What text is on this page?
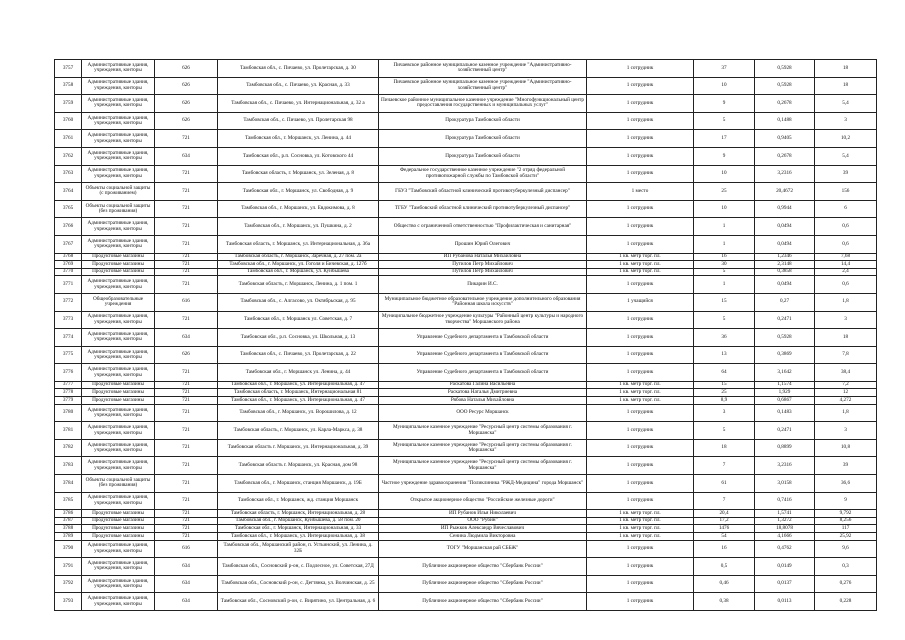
3757	Административные здания, учреждения, конторы	626	Тамбовская обл., с. Пичаево, ул. Пролетарская, д. 30	Пичаевское районное муниципальное казенное учреждение "Административно-хозяйственный центр"	1 сотрудник	37	0,5928	18
3758	Административные здания, учреждения, конторы	626	Тамбовская обл., с. Пичаево, ул. Красная, д. 33	Пичаевское районное муниципальное казенное учреждение "Административно-хозяйственный центр"	1 сотрудник	10	0,5928	18
3759	Административные здания, учреждения, конторы	626	Тамбовская обл., с. Пичаево, ул. Интернациональная, д. 32 а	Пичаевское районное муниципальное казенное учреждение "Многофункциональный центр предоставления государственных и муниципальных услуг"	1 сотрудник	9	0,2678	5,4
3760	Административные здания, учреждения, конторы	626	Тамбовская обл., с. Пичаево, ул. Пролетарская 98	Прокуратура Тамбовской области	1 сотрудник	5	0,1488	3
3761	Административные здания, учреждения, конторы	721	Тамбовская обл., г. Моршанск, ул. Ленина, д. 44	Прокуратура Тамбовской области	1 сотрудник	17	0,9405	10,2
3762	Административные здания, учреждения, конторы	634	Тамбовская обл., р.п. Сосновка, ул. Котовского 44	Прокуратура Тамбовской области	1 сотрудник	9	0,2678	5,4
3763	Административные здания, учреждения, конторы	721	Тамбовская область, г. Моршанск, ул. Зеленая, д. 8	Федеральное государственное казенное учреждение "2 отряд федеральной противопожарной службы по Тамбовской области"	1 сотрудник	10	3,2316	39
3764	Объекты социальной защиты (с проживанием)	721	Тамбовская обл., г. Моршанск, ул. Свободная, д. 9	ГБУЗ "Тамбовский областной клинический противотуберкулезный диспансер"	1 место	25	20,4672	156
3765	Объекты социальной защиты (без проживания)	721	Тамбовская обл., г. Моршанск, ул. Евдокимова, д. 8	ТГБУ "Тамбовский областной клинический противотуберкулезный диспансер"	1 сотрудник	10	0,9944	6
3766	Административные здания, учреждения, конторы	721	Тамбовская обл., г. Моршанск, ул. Пушкина, д. 2	Общество с ограниченной ответственностью "Профилактическая и санитарная"	1 сотрудник	1	0,0494	0,6
3767	Административные здания, учреждения, конторы	721	Тамбовская область, г. Моршанск, ул. Интернациональная, д. 36а	Прошин Юрий Олегович	1 сотрудник	1	0,0494	0,6
3768	Продуктовые магазины	721	Тамбовская область, г. Моршанск, Заречная, д. 27 пом. 2а	ИП Рубанова Наталья Михайловна	1 кв. метр торг. пл.	16	1,2346	7,68
3769	Продуктовые магазины	721	Тамбовская обл., г. Моршанск, ул. Гоголя и Бичевская, д. 127б	Путилов Петр Михайлович	1 кв. метр торг. пл.	30	2,3148	14,4
3770	Продуктовые магазины	721	Тамбовская обл., г. Моршанск, ул. Куйбышева	Путилов Петр Михайлович	1 кв. метр торг. пл.	5	0,3858	2,4
3771	Административные здания, учреждения, конторы	721	Тамбовская область, г. Моршанск, Ленина, д. 1 пом. 1	Пикарин И.С.	1 сотрудник	1	0,0494	0,6
3772	Общеобразовательные учреждения	616	Тамбовская обл., с. Алгасово, ул. Октябрьская, д. 95	Муниципальное бюджетное образовательное учреждение дополнительного образования "Районная школа искусств"	1 учащийся	15	0,27	1,8
3773	Административные здания, учреждения, конторы	721	Тамбовская обл., г. Моршанск ул. Советская, д. 7	Муниципальное бюджетное учреждение культуры "Районный центр культуры и народного творчества" Моршанского района	1 сотрудник	5	0,2471	3
3774	Административные здания, учреждения, конторы	634	Тамбовская обл., р.п. Сосновка, ул. Школьная, д. 13	Управление Судебного департамента в Тамбовской области	1 сотрудник	36	0,5928	18
3775	Административные здания, учреждения, конторы	626	Тамбовская обл., с. Пичаево, ул. Пролетарская, д. 22	Управление Судебного департамента в Тамбовской области	1 сотрудник	13	0,3869	7,8
3776	Административные здания, учреждения, конторы	721	Тамбовская обл., г. Моршанск ул. Ленина, д. 44	Управление Судебного департамента в Тамбовской области	1 сотрудник	64	3,1642	38,4
3777	Продуктовые магазины	721	Тамбовская обл., г. Моршанск, ул. Интернациональная, д. 47	Раскатова Галина Васильевна	1 кв. метр торг. пл.	15	1,1574	7,2
3778	Продуктовые магазины	721	Тамбовская область, г. Моршанск, Интернациональная 81	Раскатова Наталья Дмитриевна	1 кв. метр торг. пл.	25	1,929	12
3779	Продуктовые магазины	721	Тамбовская обл., г. Моршанск, ул. Интернациональная, д. 47	Рябова Наталья Михайловна	1 кв. метр торг. пл.	8,9	0,6867	4,272
3780	Административные здания, учреждения, конторы	721	Тамбовская обл., г. Моршанск, ул. Ворошилова, д. 12	ООО Ресурс Моршанск	1 сотрудник	3	0,1483	1,8
3781	Административные здания, учреждения, конторы	721	Тамбовская область, г. Моршанск, ул. Карла-Маркса, д. 38	Муниципальное казенное учреждение "Ресурсный центр системы образования г. Моршанска"	1 сотрудник	5	0,2471	3
3782	Административные здания, учреждения, конторы	721	Тамбовская область г. Моршанск, ул. Интернациональная, д. 39	Муниципальное казенное учреждение "Ресурсный центр системы образования г. Моршанска"	1 сотрудник	18	0,8899	10,8
3783	Административные здания, учреждения, конторы	721	Тамбовская область г. Моршанск, ул. Красная, дом 98	Муниципальное казенное учреждение "Ресурсный центр системы образования г. Моршанска"	1 сотрудник	7	3,2316	39
3784	Объекты социальной защиты (без проживания)	721	Тамбовская обл., г. Моршанск, станция Моршанск, д. 19Б	Частное учреждение здравоохранения "Поликлиника "РЖД-Медицина" города Моршанск"	1 сотрудник	61	3,0158	36,6
3785	Административные здания, учреждения, конторы	721	Тамбовская обл., г. Моршанск, жд. станция Моршанск	Открытое акционерное общество "Российские железные дороги"	1 сотрудник	7	0,7416	9
3786	Продуктовые магазины	721	Тамбовская область, г. Моршанск, Интернациональная, д. 28	ИП Рубанов Илья Николаевич	1 кв. метр торг. пл.	20,4	1,5741	9,792
3787	Продуктовые магазины	721	Тамбовская обл., г. Моршанск, Куйбышева, д. 58 пом. 20	ООО "Рубин"	1 кв. метр торг. пл.	17,2	1,3272	8,256
3788	Продуктовые магазины	721	Тамбовская обл., г. Моршанск, Интернациональная, д. 33	ИП Рыжков Александр Вячеславович	1 кв. метр торг. пл.	1476	18,8078	117
3789	Продуктовые магазины	721	Тамбовская обл., г. Моршанск, ул. Интернациональная, д. 38	Сенина Людмила Викторовна	1 кв. метр торг. пл.	54	4,1666	25,92
3790	Административные здания, учреждения, конторы	616	Тамбовская обл., Моршанский район, п. Устьинский, ул. Ленина, д. 32Б	ТОГУ "Моршанская рай СББЖ"	1 сотрудник	16	0,4762	9,6
3791	Административные здания, учреждения, конторы	634	Тамбовская обл., Сосновский р-он, с. Подлесное, ул. Советская, 27Д	Публичное акционерное общество "Сбербанк России"	1 сотрудник	0,5	0,0149	0,3
3792	Административные здания, учреждения, конторы	634	Тамбовская обл., Сосновский р-он, с. Дегтянка, ул. Волчинская, д. 25	Публичное акционерное общество "Сбербанк России"	1 сотрудник	0,46	0,0137	0,276
3793	Административные здания, учреждения, конторы	634	Тамбовская обл., Сосновский р-он, с. Вирятино, ул. Центральная, д. 6	Публичное акционерное общество "Сбербанк России"	1 сотрудник	0,38	0,0113	0,228
